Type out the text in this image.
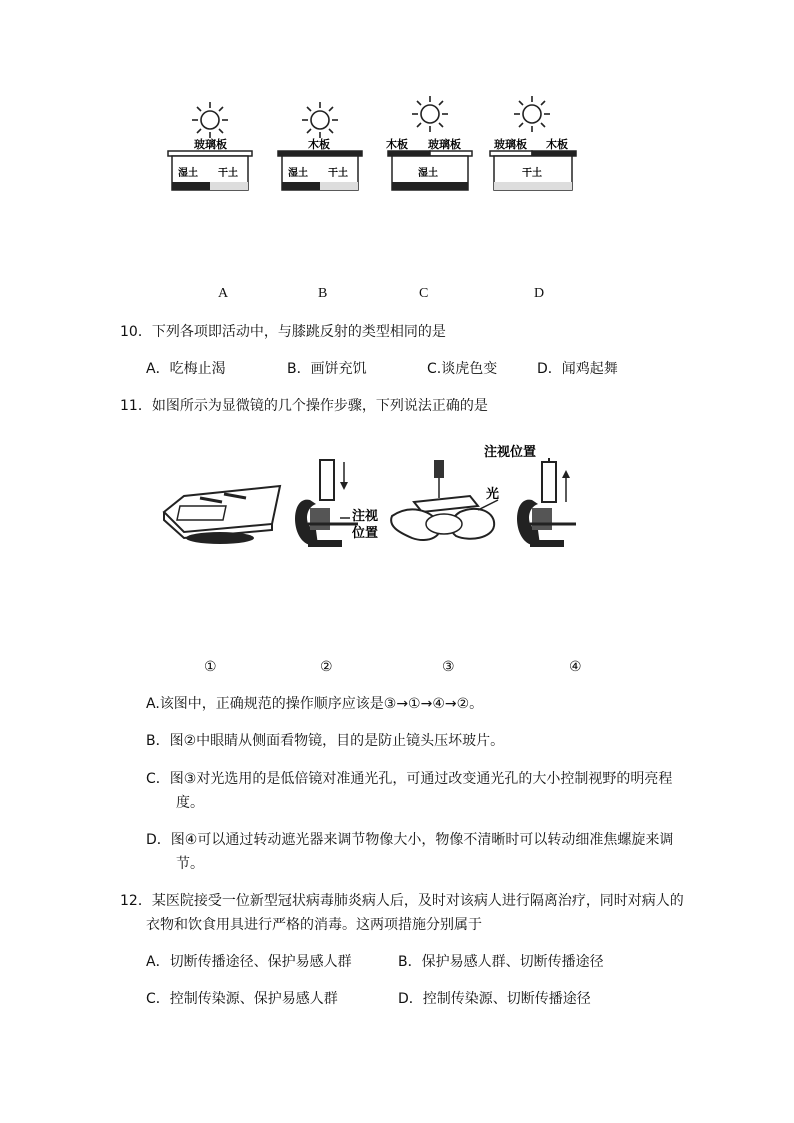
玻璃板
湿土 干土
木板
湿土 干土
木板 玻璃板
湿土
玻璃板 木板
干土
A	B	C	D
10．下列各项即活动中，与膝跳反射的类型相同的是
A．吃梅止渴	B．画饼充饥	C.谈虎色变	D．闻鸡起舞
11．如图所示为显微镜的几个操作步骤，下列说法正确的是
注视
位置
光
注视位置
①	②	③	④
A.该图中，正确规范的操作顺序应该是③→①→④→②。
B．图②中眼睛从侧面看物镜，目的是防止镜头压坏玻片。
C．图③对光选用的是低倍镜对准通光孔，可通过改变通光孔的大小控制视野的明亮程
度。
D．图④可以通过转动遮光器来调节物像大小，物像不清晰时可以转动细准焦螺旋来调
节。
12．某医院接受一位新型冠状病毒肺炎病人后，及时对该病人进行隔离治疗，同时对病人的
衣物和饮食用具进行严格的消毒。这两项措施分别属于
A．切断传播途径、保护易感人群	B．保护易感人群、切断传播途径
C．控制传染源、保护易感人群	D．控制传染源、切断传播途径
